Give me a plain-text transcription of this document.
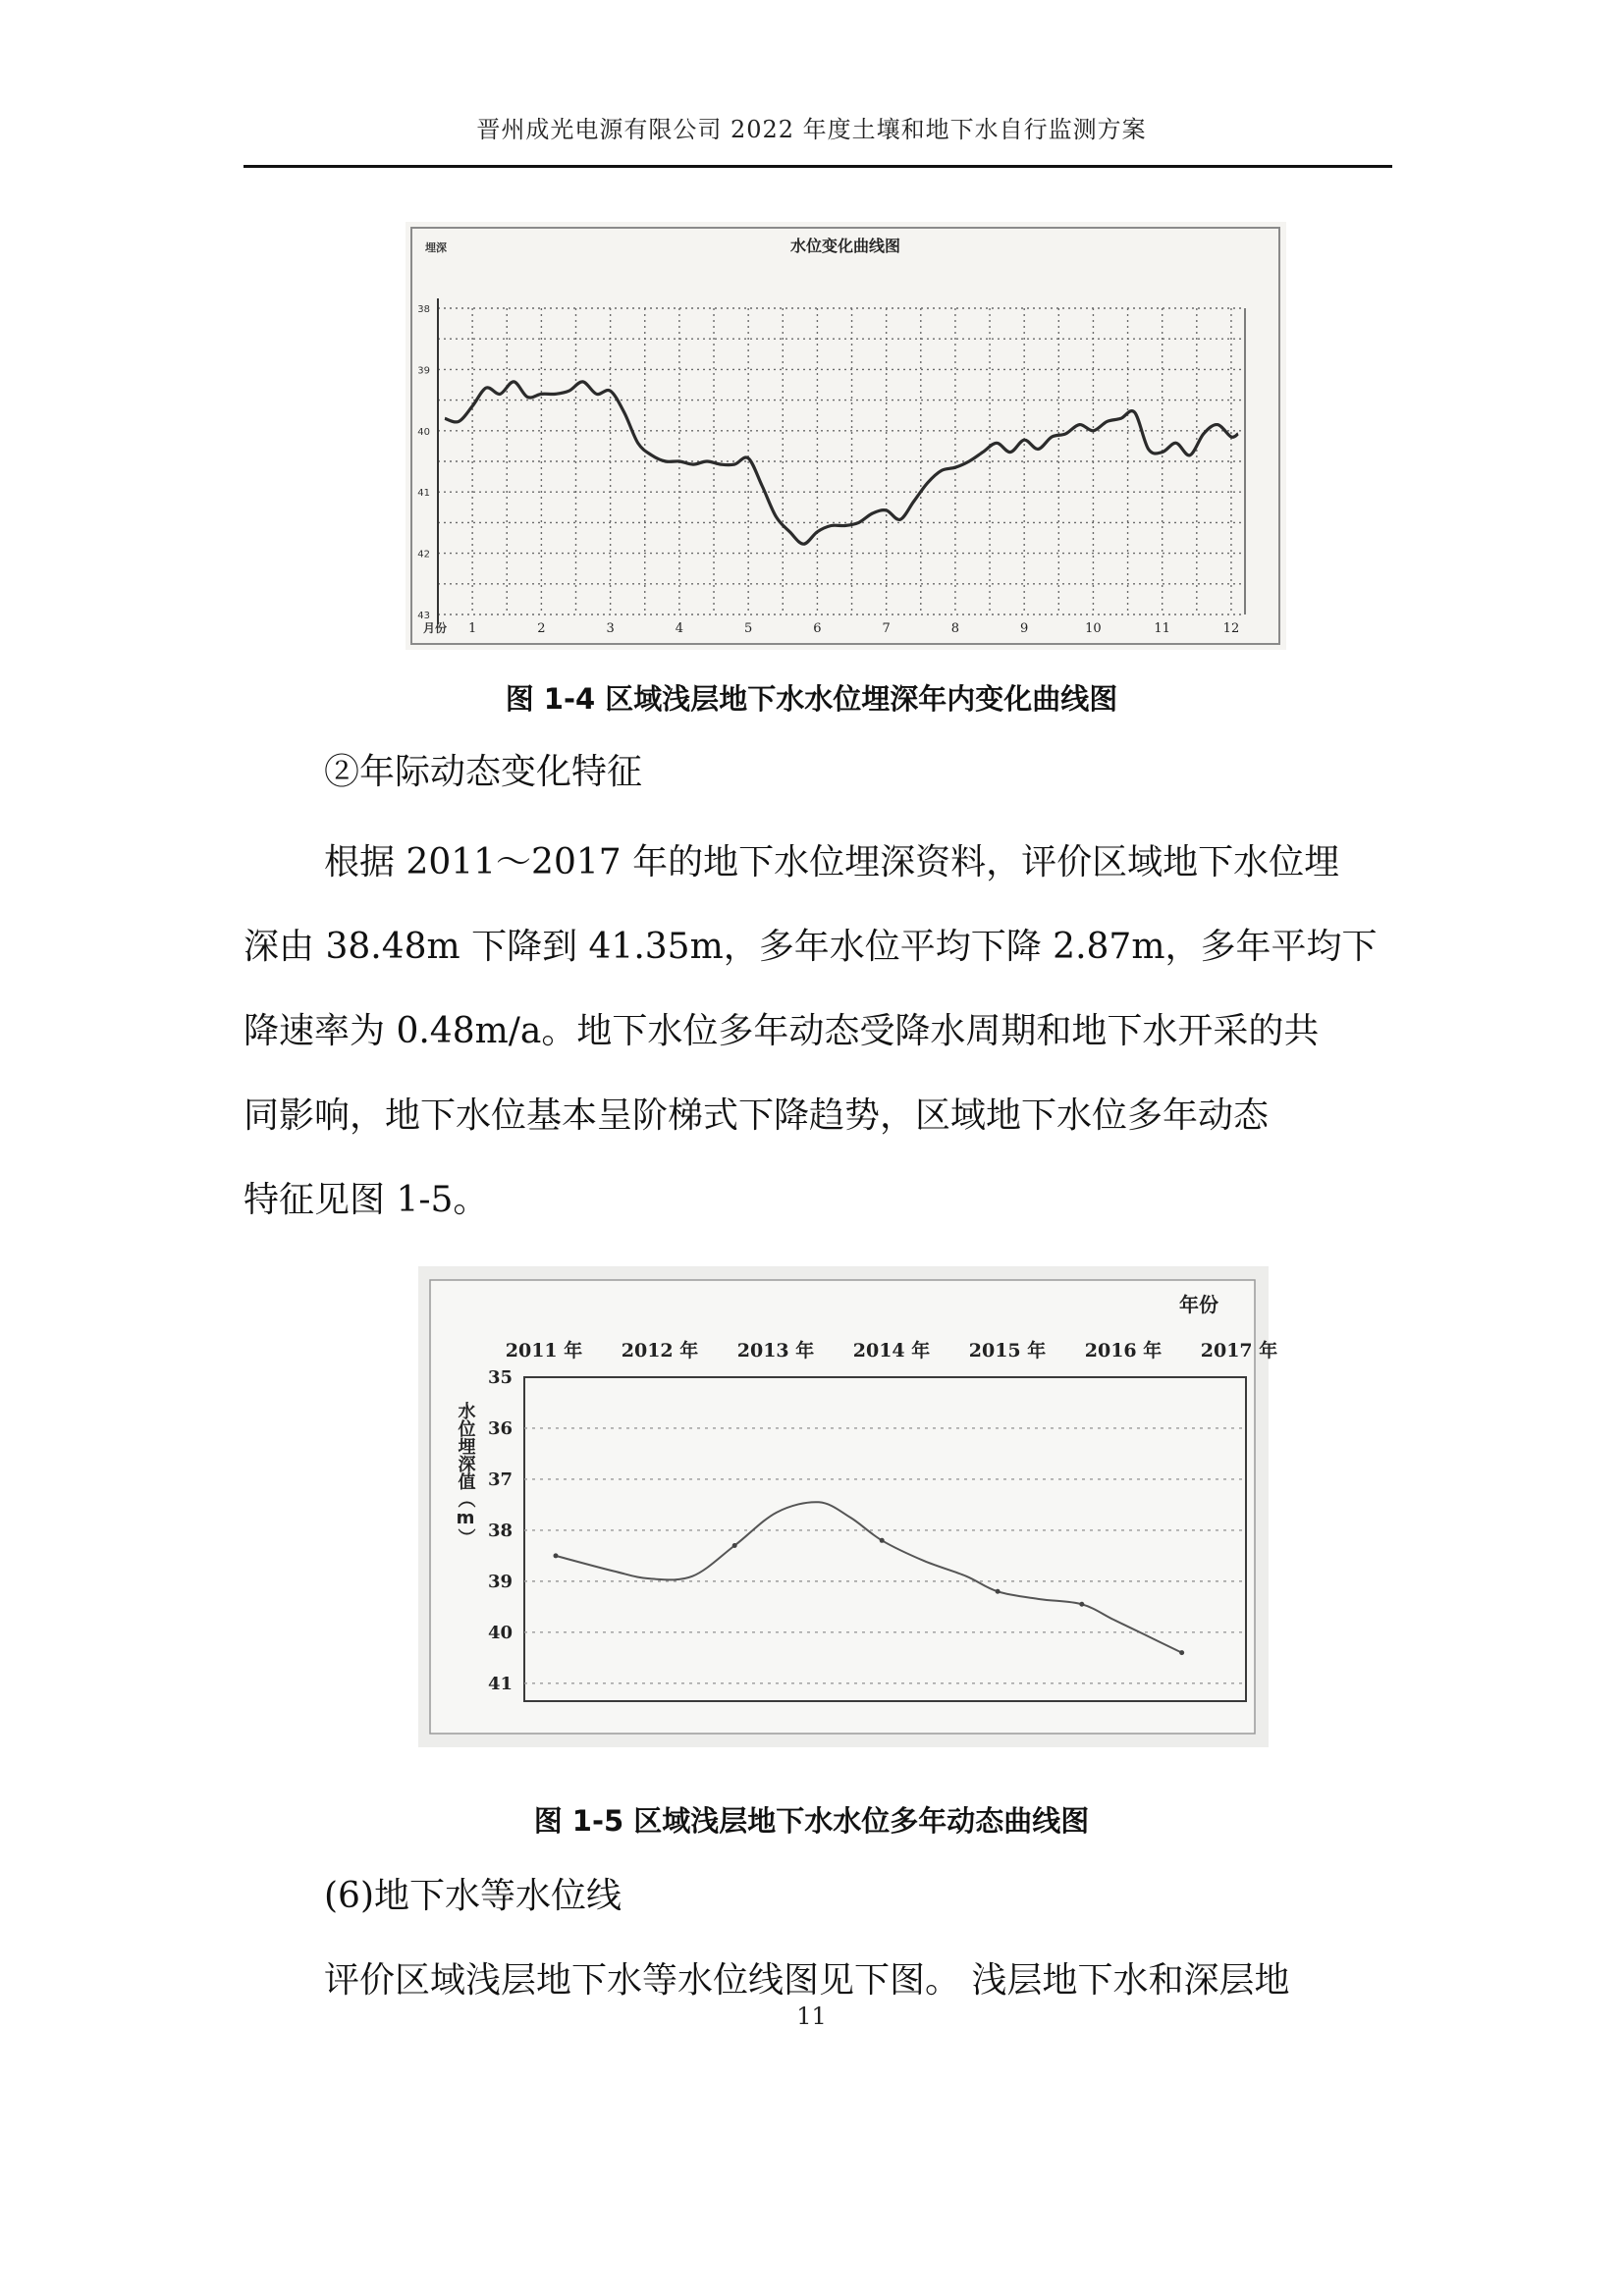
晋州成光电源有限公司 2022 年度土壤和地下水自行监测方案
水位变化曲线图
埋深
月份
38
39
40
41
42
43
1	2	3	4	5	6	7	8	9	10	11	12
图 1-4 区域浅层地下水水位埋深年内变化曲线图
②年际动态变化特征
根据 2011～2017 年的地下水位埋深资料，评价区域地下水位埋
深由 38.48m 下降到 41.35m，多年水位平均下降 2.87m，多年平均下
降速率为 0.48m/a。地下水位多年动态受降水周期和地下水开采的共
同影响，地下水位基本呈阶梯式下降趋势，区域地下水位多年动态
特征见图 1-5。
年份
2011 年 2012 年 2013 年 2014 年 2015 年 2016 年 2017 年
35
36
37
38
39
40
41
水位埋深值（m）
图 1-5 区域浅层地下水水位多年动态曲线图
(6)地下水等水位线
评价区域浅层地下水等水位线图见下图。 浅层地下水和深层地
11
